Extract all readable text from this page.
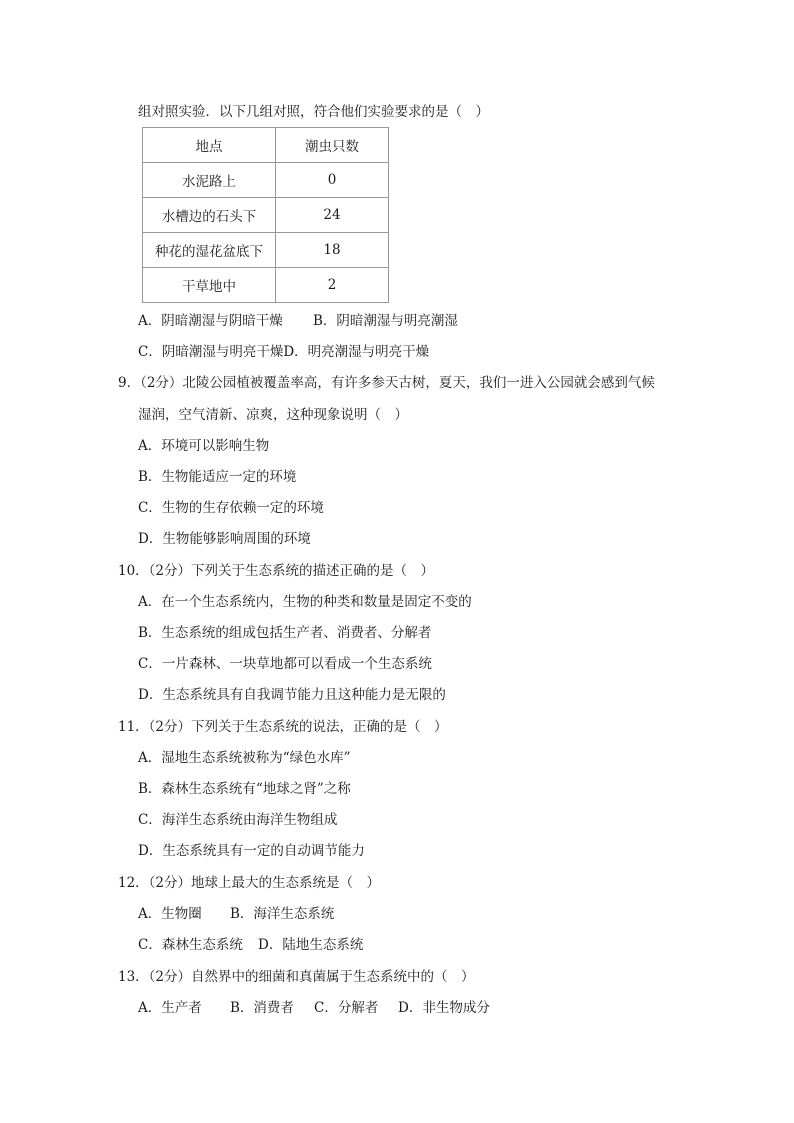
组对照实验．以下几组对照，符合他们实验要求的是（　）
地点	潮虫只数
水泥路上	0
水槽边的石头下	24
种花的湿花盆底下	18
干草地中	2
A．阴暗潮湿与阴暗干燥 B．阴暗潮湿与明亮潮湿
C．阴暗潮湿与明亮干燥D．明亮潮湿与明亮干燥
9．（2分）北陵公园植被覆盖率高，有许多参天古树，夏天，我们一进入公园就会感到气候
湿润，空气清新、凉爽，这种现象说明（　）
A．环境可以影响生物
B．生物能适应一定的环境
C．生物的生存依赖一定的环境
D．生物能够影响周围的环境
10．（2分）下列关于生态系统的描述正确的是（　）
A．在一个生态系统内，生物的种类和数量是固定不变的
B．生态系统的组成包括生产者、消费者、分解者
C．一片森林、一块草地都可以看成一个生态系统
D．生态系统具有自我调节能力且这种能力是无限的
11．（2分）下列关于生态系统的说法，正确的是（　）
A．湿地生态系统被称为“绿色水库”
B．森林生态系统有“地球之肾”之称
C．海洋生态系统由海洋生物组成
D．生态系统具有一定的自动调节能力
12．（2分）地球上最大的生态系统是（　）
A．生物圈 B．海洋生态系统
C．森林生态系统 D．陆地生态系统
13．（2分）自然界中的细菌和真菌属于生态系统中的（　）
A．生产者 B．消费者 C．分解者 D．非生物成分
